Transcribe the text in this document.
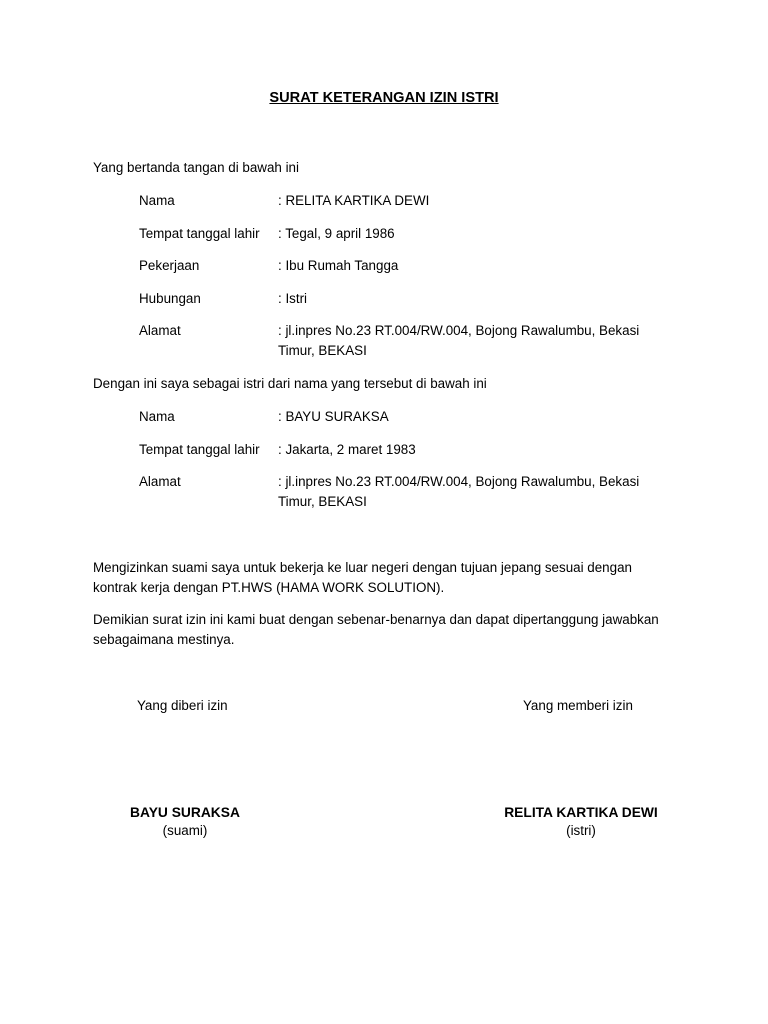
SURAT KETERANGAN IZIN ISTRI
Yang bertanda tangan di bawah ini
Nama	: RELITA KARTIKA DEWI
Tempat tanggal lahir	: Tegal, 9 april 1986
Pekerjaan	: Ibu Rumah Tangga
Hubungan	: Istri
Alamat	: jl.inpres No.23 RT.004/RW.004, Bojong Rawalumbu, Bekasi Timur, BEKASI
Dengan ini saya sebagai istri dari nama yang tersebut di bawah ini
Nama	: BAYU SURAKSA
Tempat tanggal lahir	: Jakarta, 2 maret 1983
Alamat	: jl.inpres No.23 RT.004/RW.004, Bojong Rawalumbu, Bekasi Timur, BEKASI
Mengizinkan suami saya untuk bekerja ke luar negeri dengan tujuan jepang sesuai dengan kontrak kerja dengan PT.HWS (HAMA WORK SOLUTION).
Demikian surat izin ini kami buat dengan sebenar-benarnya dan dapat dipertanggung jawabkan sebagaimana mestinya.
Yang diberi izin	Yang memberi izin
BAYU SURAKSA
(suami)
RELITA KARTIKA DEWI
(istri)
